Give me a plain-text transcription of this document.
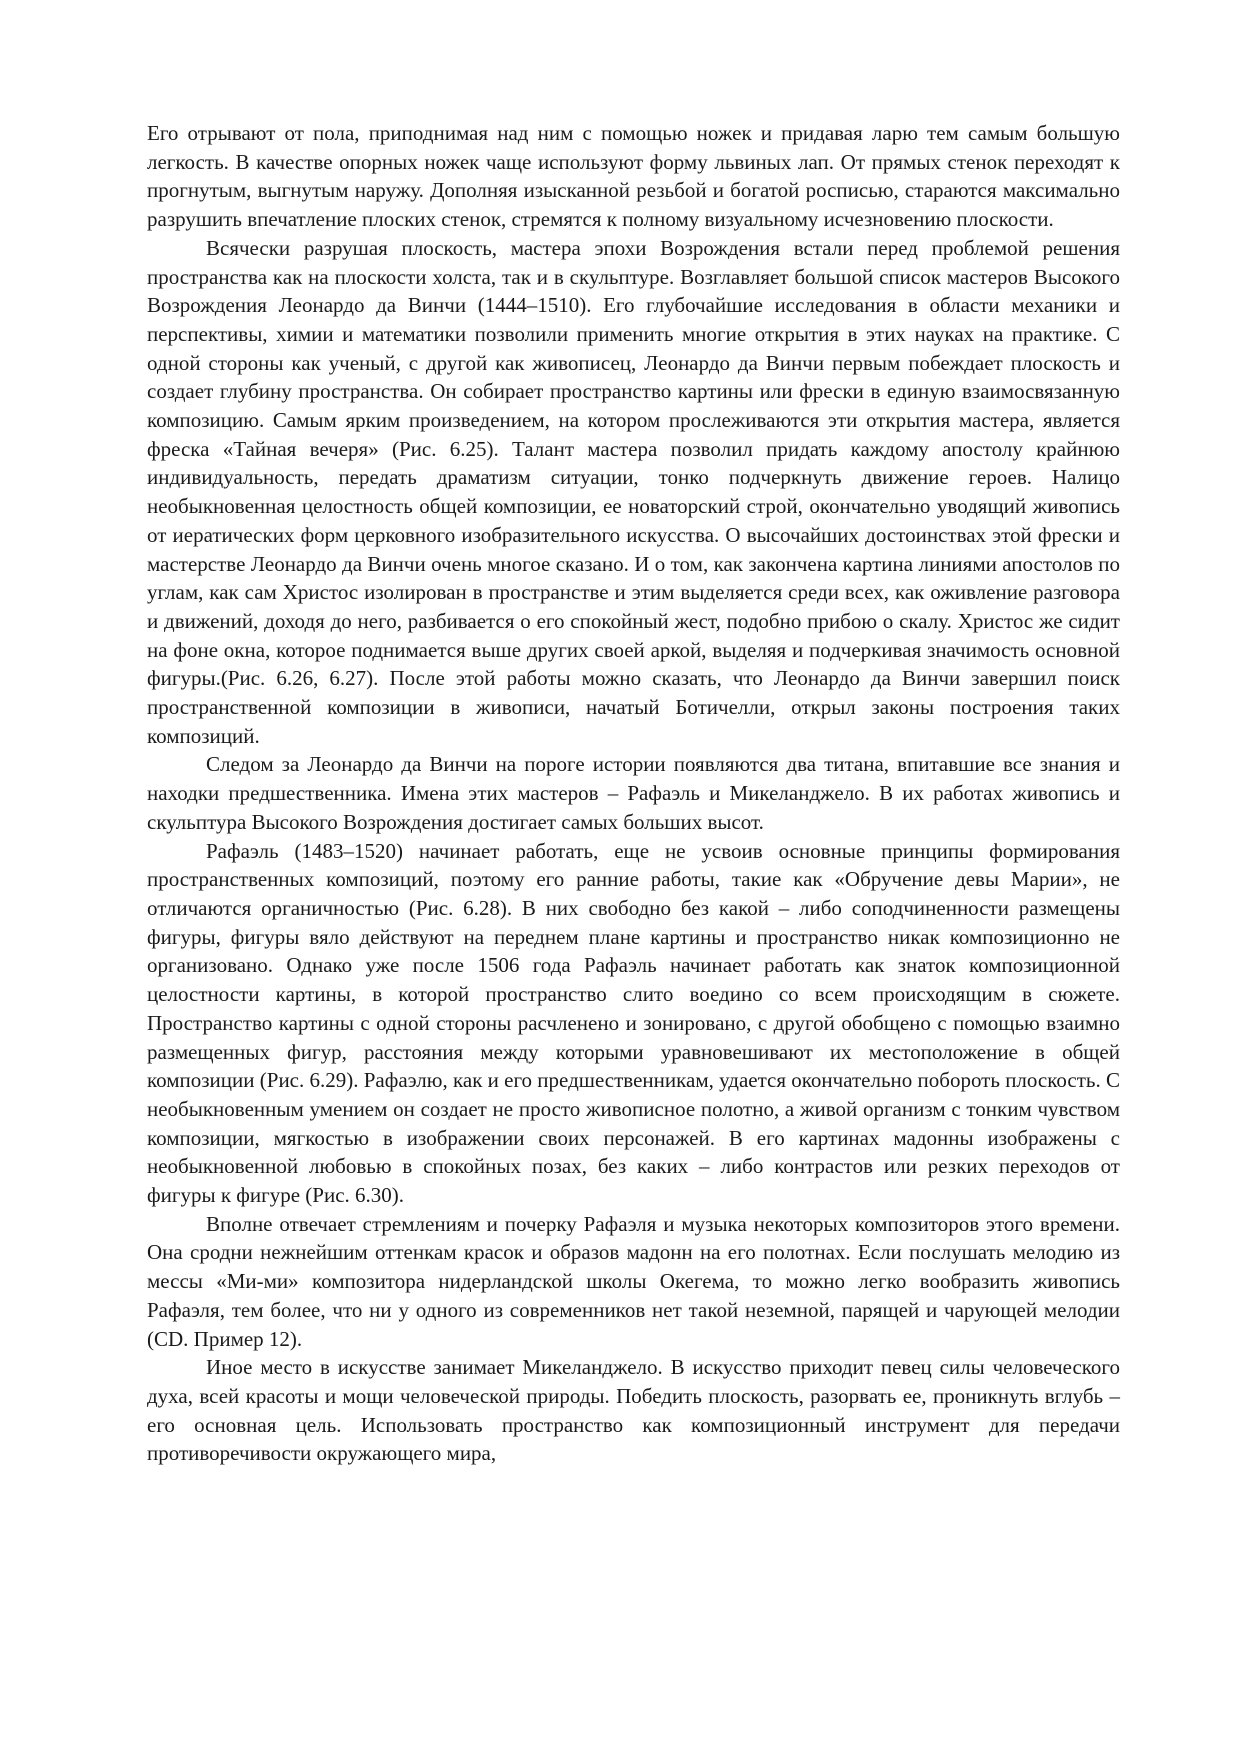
Его отрывают от пола, приподнимая над ним с помощью ножек и придавая ларю тем самым большую легкость. В качестве опорных ножек чаще используют форму львиных лап. От прямых стенок переходят к прогнутым, выгнутым наружу. Дополняя изысканной резьбой и богатой росписью, стараются максимально разрушить впечатление плоских стенок, стремятся к полному визуальному исчезновению плоскости.

Всячески разрушая плоскость, мастера эпохи Возрождения встали перед проблемой решения пространства как на плоскости холста, так и в скульптуре. Возглавляет большой список мастеров Высокого Возрождения Леонардо да Винчи (1444–1510). Его глубочайшие исследования в области механики и перспективы, химии и математики позволили применить многие открытия в этих науках на практике. С одной стороны как ученый, с другой как живописец, Леонардо да Винчи первым побеждает плоскость и создает глубину пространства. Он собирает пространство картины или фрески в единую взаимосвязанную композицию. Самым ярким произведением, на котором прослеживаются эти открытия мастера, является фреска «Тайная вечеря» (Рис. 6.25). Талант мастера позволил придать каждому апостолу крайнюю индивидуальность, передать драматизм ситуации, тонко подчеркнуть движение героев. Налицо необыкновенная целостность общей композиции, ее новаторский строй, окончательно уводящий живопись от иератических форм церковного изобразительного искусства. О высочайших достоинствах этой фрески и мастерстве Леонардо да Винчи очень многое сказано. И о том, как закончена картина линиями апостолов по углам, как сам Христос изолирован в пространстве и этим выделяется среди всех, как оживление разговора и движений, доходя до него, разбивается о его спокойный жест, подобно прибою о скалу. Христос же сидит на фоне окна, которое поднимается выше других своей аркой, выделяя и подчеркивая значимость основной фигуры.(Рис. 6.26, 6.27). После этой работы можно сказать, что Леонардо да Винчи завершил поиск пространственной композиции в живописи, начатый Ботичелли, открыл законы построения таких композиций.

Следом за Леонардо да Винчи на пороге истории появляются два титана, впитавшие все знания и находки предшественника. Имена этих мастеров – Рафаэль и Микеланджело. В их работах живопись и скульптура Высокого Возрождения достигает самых больших высот.

Рафаэль (1483–1520) начинает работать, еще не усвоив основные принципы формирования пространственных композиций, поэтому его ранние работы, такие как «Обручение девы Марии», не отличаются органичностью (Рис. 6.28). В них свободно без какой – либо соподчиненности размещены фигуры, фигуры вяло действуют на переднем плане картины и пространство никак композиционно не организовано. Однако уже после 1506 года Рафаэль начинает работать как знаток композиционной целостности картины, в которой пространство слито воедино со всем происходящим в сюжете. Пространство картины с одной стороны расчленено и зонировано, с другой обобщено с помощью взаимно размещенных фигур, расстояния между которыми уравновешивают их местоположение в общей композиции (Рис. 6.29). Рафаэлю, как и его предшественникам, удается окончательно побороть плоскость. С необыкновенным умением он создает не просто живописное полотно, а живой организм с тонким чувством композиции, мягкостью в изображении своих персонажей. В его картинах мадонны изображены с необыкновенной любовью в спокойных позах, без каких – либо контрастов или резких переходов от фигуры к фигуре (Рис. 6.30).

Вполне отвечает стремлениям и почерку Рафаэля и музыка некоторых композиторов этого времени. Она сродни нежнейшим оттенкам красок и образов мадонн на его полотнах. Если послушать мелодию из мессы «Ми-ми» композитора нидерландской школы Окегема, то можно легко вообразить живопись Рафаэля, тем более, что ни у одного из современников нет такой неземной, парящей и чарующей мелодии (CD. Пример 12).

Иное место в искусстве занимает Микеланджело. В искусство приходит певец силы человеческого духа, всей красоты и мощи человеческой природы. Победить плоскость, разорвать ее, проникнуть вглубь – его основная цель. Использовать пространство как композиционный инструмент для передачи противоречивости окружающего мира,
